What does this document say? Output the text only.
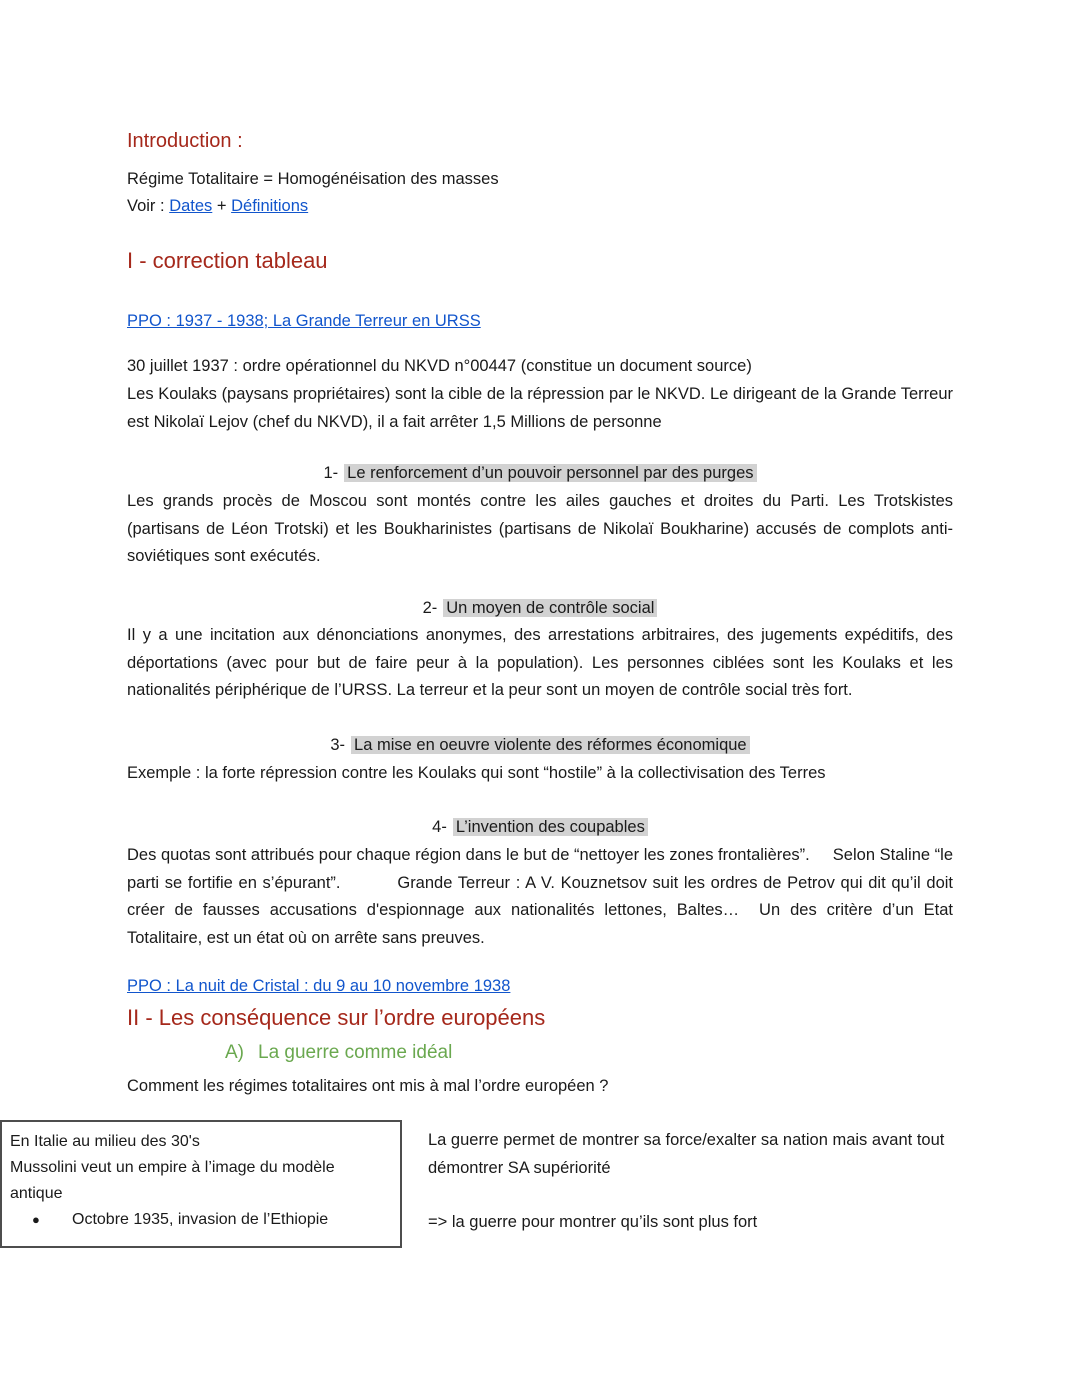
Introduction :

Régime Totalitaire = Homogénéisation des masses

Voir : Dates + Définitions

I - correction tableau
PPO : 1937 - 1938; La Grande Terreur en URSS

30 juillet 1937 : ordre opérationnel du NKVD n°00447 (constitue un document source)

Les Koulaks (paysans propriétaires) sont la cible de la répression par le NKVD. Le dirigeant de la Grande Terreur est Nikolaï Lejov (chef du NKVD), il a fait arrêter 1,5 Millions de personne

1- Le renforcement d’un pouvoir personnel par des purges

Les grands procès de Moscou sont montés contre les ailes gauches et droites du Parti. Les Trotskistes (partisans de Léon Trotski) et les Boukharinistes (partisans de Nikolaï Boukharine) accusés de complots anti-soviétiques sont exécutés.

2- Un moyen de contrôle social

Il y a une incitation aux dénonciations anonymes, des arrestations arbitraires, des jugements expéditifs, des déportations (avec pour but de faire peur à la population). Les personnes ciblées sont les Koulaks et les nationalités périphérique de l’URSS. La terreur et la peur sont un moyen de contrôle social très fort.

3- La mise en oeuvre violente des réformes économique

Exemple : la forte répression contre les Koulaks qui sont “hostile” à la collectivisation des Terres

4- L’invention des coupables

Des quotas sont attribués pour chaque région dans le but de “nettoyer les zones frontalières”.     Selon Staline “le parti se fortifie en s’épurant”.          Grande Terreur : A V. Kouznetsov suit les ordres de Petrov qui dit qu’il doit créer de fausses accusations d'espionnage aux nationalités lettones, Baltes…  Un des critère d’un Etat Totalitaire, est un état où on arrête sans preuves.

PPO : La nuit de Cristal : du 9 au 10 novembre 1938
II - Les conséquence sur l’ordre européens
A) La guerre comme idéal

Comment les régimes totalitaires ont mis à mal l’ordre européen ?

En Italie au milieu des 30's
Mussolini veut un empire à l’image du modèle antique
●	Octobre 1935, invasion de l’Ethiopie

La guerre permet de montrer sa force/exalter sa nation mais avant tout démontrer SA supériorité

=> la guerre pour montrer qu’ils sont plus fort
